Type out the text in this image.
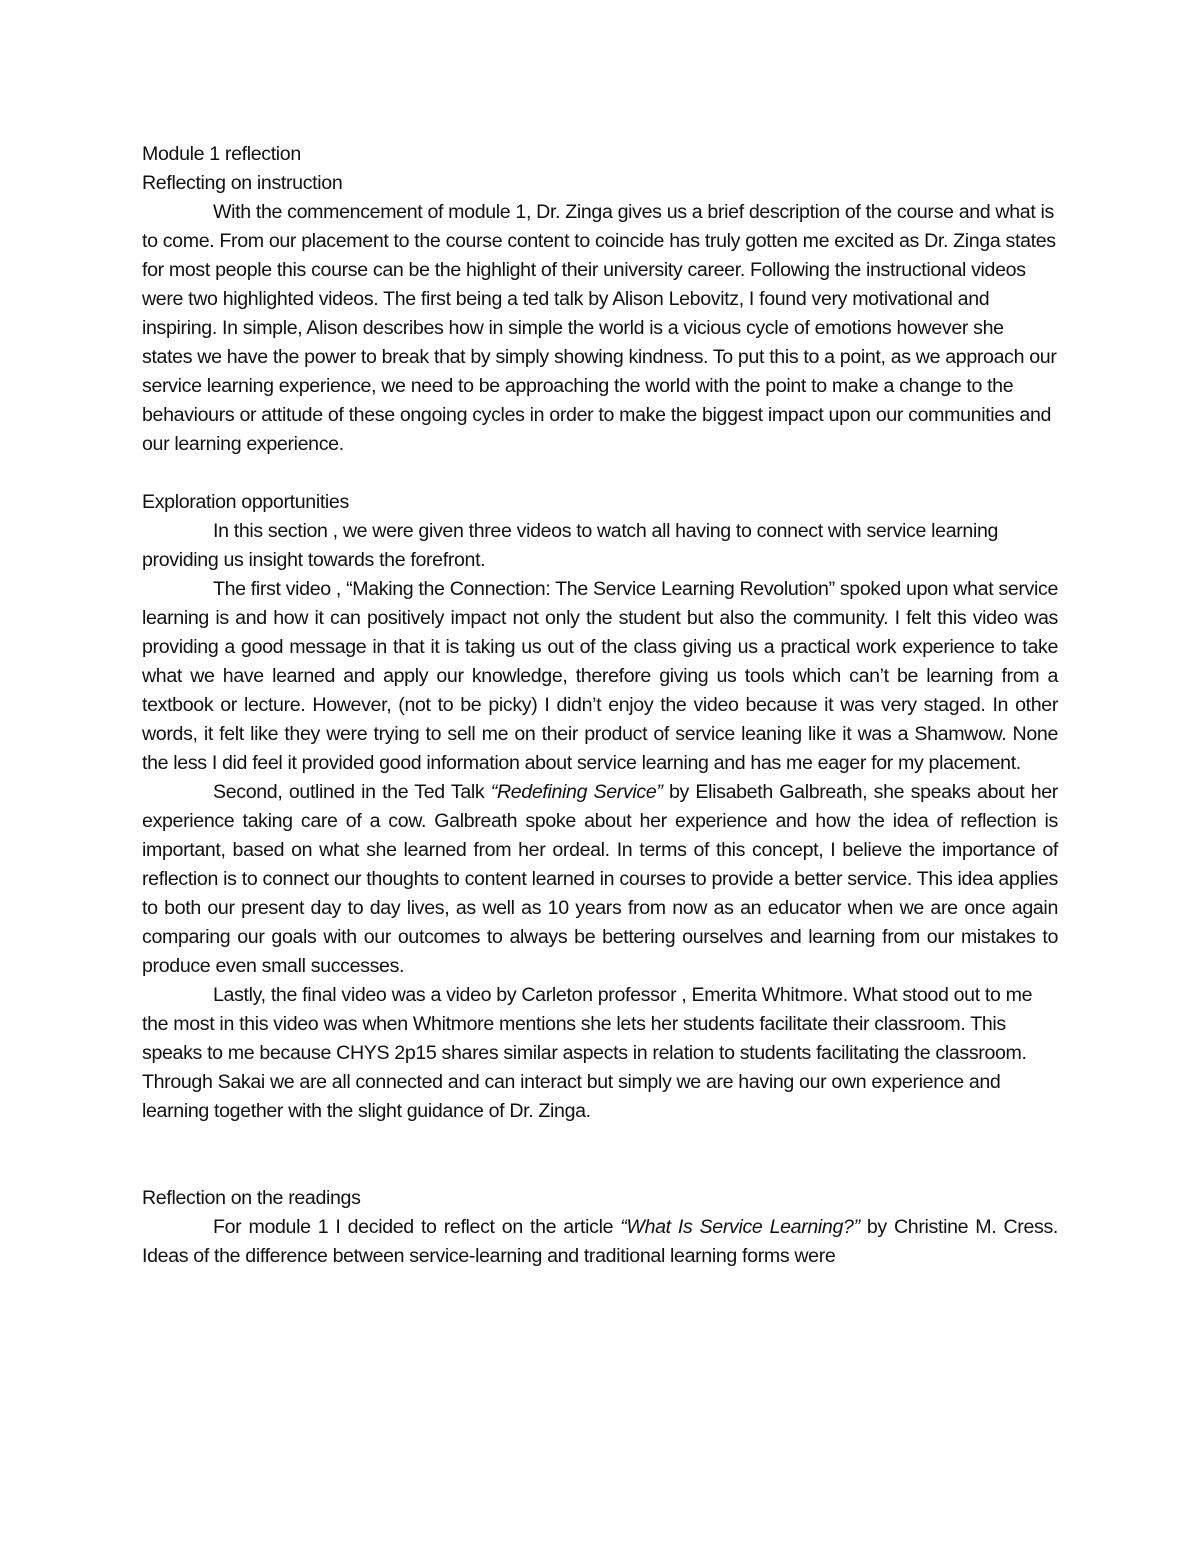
Module 1 reflection

Reflecting on instruction

With the commencement of module 1, Dr. Zinga gives us a brief description of the course and what is to come. From our placement to the course content to coincide has truly gotten me excited as Dr. Zinga states for most people this course can be the highlight of their university career. Following the instructional videos were two highlighted videos. The first being a ted talk by Alison Lebovitz, I found very motivational and inspiring. In simple, Alison describes how in simple the world is a vicious cycle of emotions however she states we have the power to break that by simply showing kindness. To put this to a point, as we approach our service learning experience, we need to be approaching the world with the point to make a change to the behaviours or attitude of these ongoing cycles in order to make the biggest impact upon our communities and our learning experience.

Exploration opportunities

In this section , we were given three videos to watch all having to connect with service learning providing us insight towards the forefront.

The first video , “Making the Connection: The Service Learning Revolution” spoked upon what service learning is and how it can positively impact not only the student but also the community. I felt this video was providing a good message in that it is taking us out of the class giving us a practical work experience to take what we have learned and apply our knowledge, therefore giving us tools which can’t be learning from a textbook or lecture. However, (not to be picky) I didn’t enjoy the video because it was very staged. In other words, it felt like they were trying to sell me on their product of service leaning like it was a Shamwow. None the less I did feel it provided good information about service learning and has me eager for my placement.

Second, outlined in the Ted Talk “Redefining Service” by Elisabeth Galbreath, she speaks about her experience taking care of a cow. Galbreath spoke about her experience and how the idea of reflection is important, based on what she learned from her ordeal. In terms of this concept, I believe the importance of reflection is to connect our thoughts to content learned in courses to provide a better service. This idea applies to both our present day to day lives, as well as 10 years from now as an educator when we are once again comparing our goals with our outcomes to always be bettering ourselves and learning from our mistakes to produce even small successes.

Lastly, the final video was a video by Carleton professor , Emerita Whitmore. What stood out to me the most in this video was when Whitmore mentions she lets her students facilitate their classroom. This speaks to me because CHYS 2p15 shares similar aspects in relation to students facilitating the classroom. Through Sakai we are all connected and can interact but simply we are having our own experience and learning together with the slight guidance of Dr. Zinga.

Reflection on the readings

For module 1 I decided to reflect on the article “What Is Service Learning?” by Christine M. Cress. Ideas of the difference between service-learning and traditional learning forms were
